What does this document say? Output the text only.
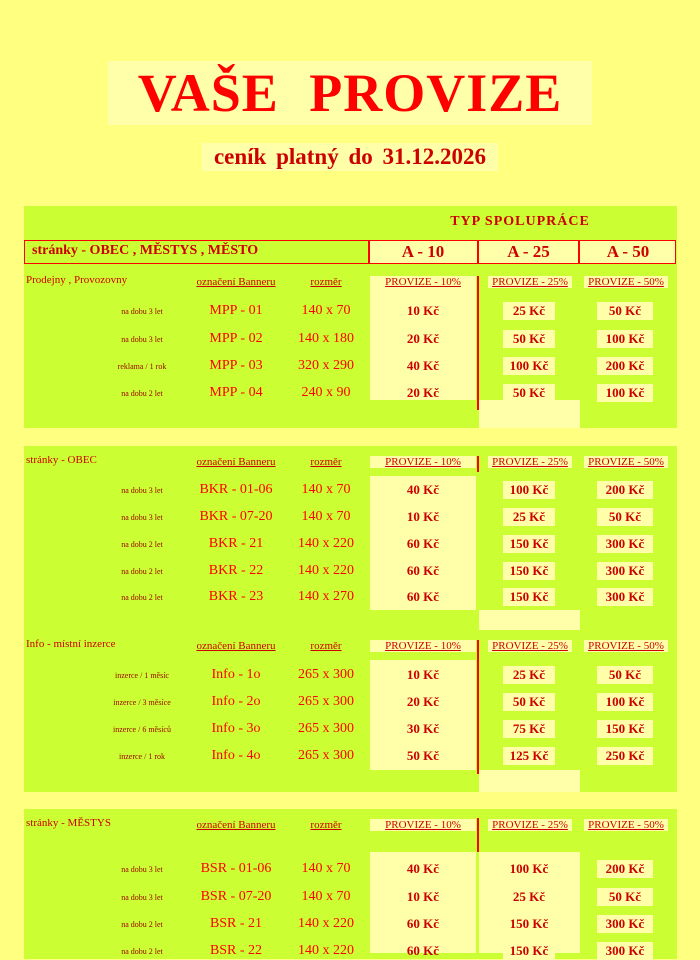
VAŠE PROVIZE
ceník platný do 31.12.2026
TYP SPOLUPRÁCE
stránky - OBEC , MĚSTYS , MĚSTO	A - 10	A - 25	A - 50
Prodejny , Provozovny	označení Banneru	rozměr	PROVIZE - 10%	PROVIZE - 25%	PROVIZE - 50%
na dobu 3 let	MPP - 01	140 x 70	10 Kč	25 Kč	50 Kč
na dobu 3 let	MPP - 02	140 x 180	20 Kč	50 Kč	100 Kč
reklama / 1 rok	MPP - 03	320 x 290	40 Kč	100 Kč	200 Kč
na dobu 2 let	MPP - 04	240 x 90	20 Kč	50 Kč	100 Kč
stránky - OBEC	označení Banneru	rozměr	PROVIZE - 10%	PROVIZE - 25%	PROVIZE - 50%
na dobu 3 let	BKR - 01-06	140 x 70	40 Kč	100 Kč	200 Kč
na dobu 3 let	BKR - 07-20	140 x 70	10 Kč	25 Kč	50 Kč
na dobu 2 let	BKR - 21	140 x 220	60 Kč	150 Kč	300 Kč
na dobu 2 let	BKR - 22	140 x 220	60 Kč	150 Kč	300 Kč
na dobu 2 let	BKR - 23	140 x 270	60 Kč	150 Kč	300 Kč
Info - místní inzerce	označení Banneru	rozměr	PROVIZE - 10%	PROVIZE - 25%	PROVIZE - 50%
inzerce / 1 měsíc	Info - 1o	265 x 300	10 Kč	25 Kč	50 Kč
inzerce / 3 měsíce	Info - 2o	265 x 300	20 Kč	50 Kč	100 Kč
inzerce / 6 měsíců	Info - 3o	265 x 300	30 Kč	75 Kč	150 Kč
inzerce / 1 rok	Info - 4o	265 x 300	50 Kč	125 Kč	250 Kč
stránky - MĚSTYS	označení Banneru	rozměr	PROVIZE - 10%	PROVIZE - 25%	PROVIZE - 50%
na dobu 3 let	BSR - 01-06	140 x 70	40 Kč	100 Kč	200 Kč
na dobu 3 let	BSR - 07-20	140 x 70	10 Kč	25 Kč	50 Kč
na dobu 2 let	BSR - 21	140 x 220	60 Kč	150 Kč	300 Kč
na dobu 2 let	BSR - 22	140 x 220	60 Kč	150 Kč	300 Kč
